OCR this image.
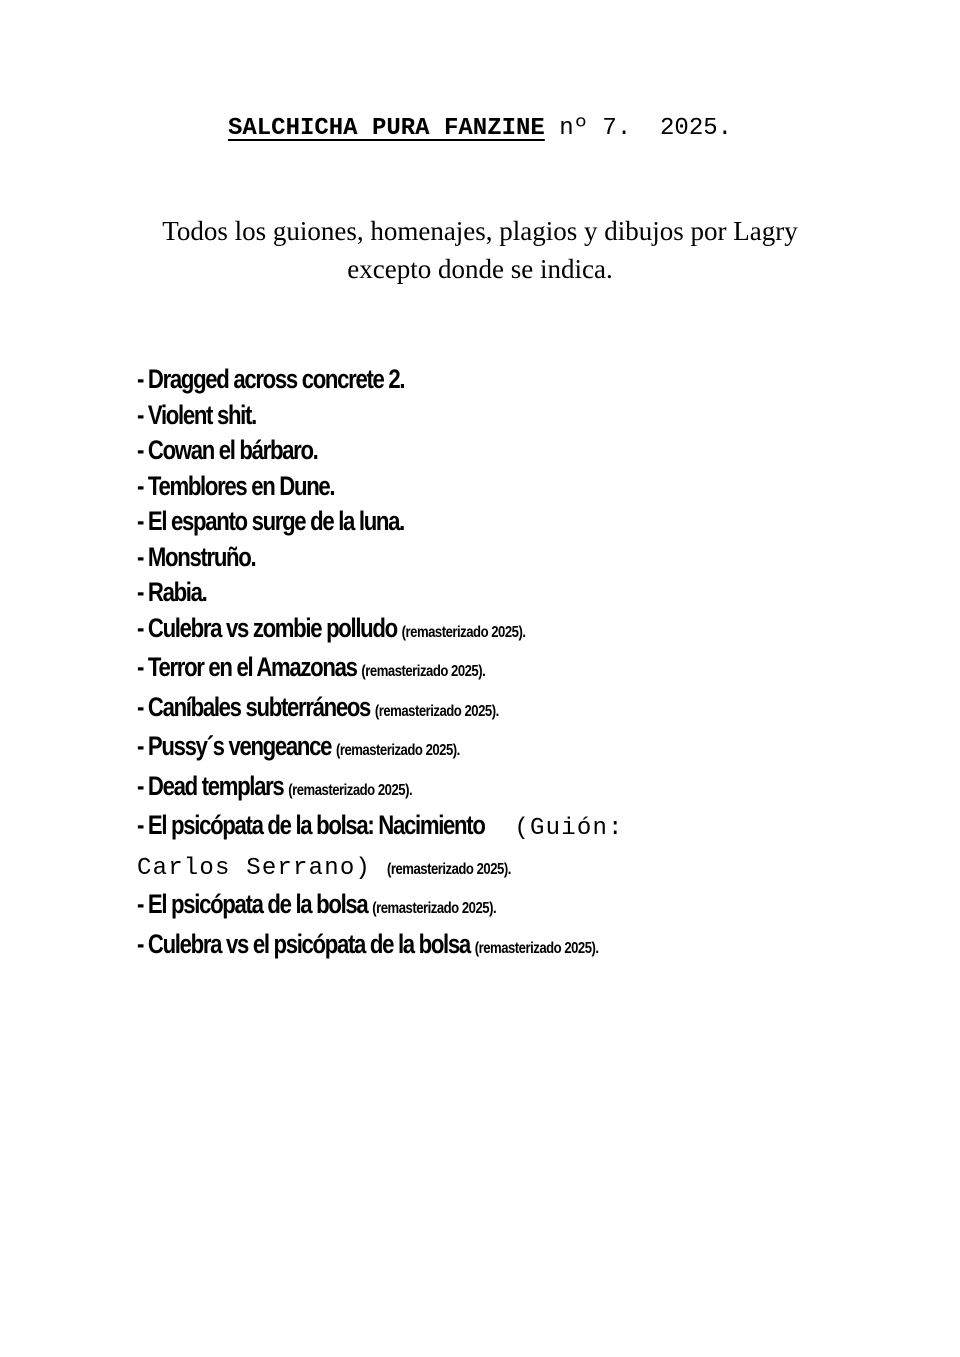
SALCHICHA PURA FANZINE nº 7.  2025.
Todos los guiones, homenajes, plagios y dibujos por Lagry
excepto donde se indica.
- Dragged across concrete 2.
- Violent shit.
- Cowan el bárbaro.
- Temblores en Dune.
- El espanto surge de la luna.
- Monstruño.
- Rabia.
- Culebra vs zombie polludo (remasterizado 2025).
- Terror en el Amazonas (remasterizado 2025).
- Caníbales subterráneos (remasterizado 2025).
- Pussy´s vengeance (remasterizado 2025).
- Dead templars (remasterizado 2025).
- El psicópata de la bolsa: Nacimiento (Guión:
Carlos Serrano) (remasterizado 2025).
- El psicópata de la bolsa (remasterizado 2025).
- Culebra vs el psicópata de la bolsa (remasterizado 2025).
